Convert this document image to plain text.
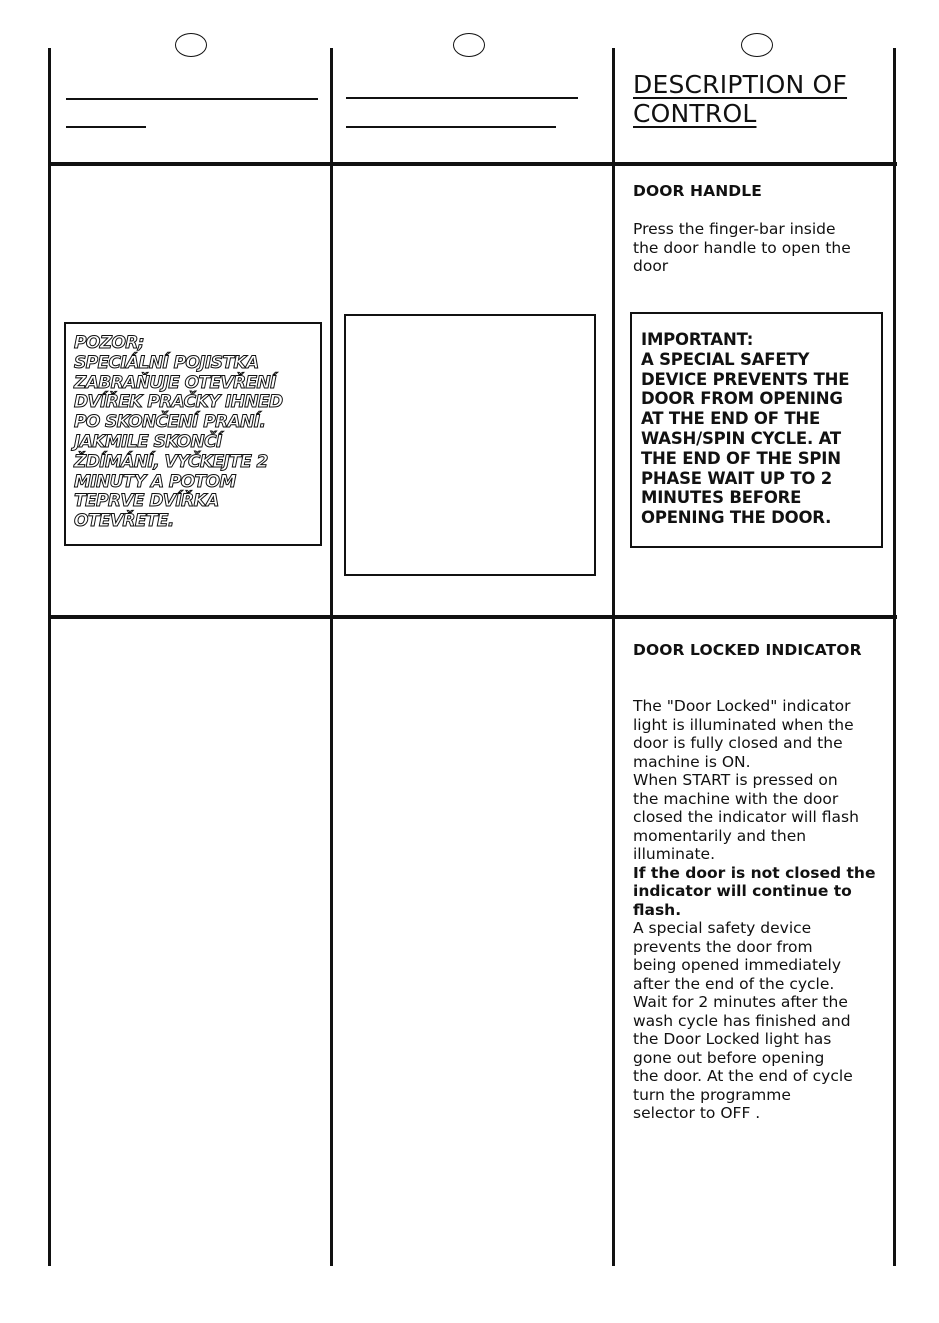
DESCRIPTION OF
CONTROL
DOOR HANDLE
Press the finger-bar inside
the door handle to open the
door
POZOR;
SPECIÁLNÍ POJISTKA
ZABRAŇUJE OTEVŘENÍ
DVÍŘEK PRAČKY IHNED
PO SKONČENÍ PRANÍ.
JAKMILE SKONČÍ
ŽDÍMÁNÍ, VYČKEJTE 2
MINUTY A POTOM
TEPRVE DVÍŘKA
OTEVŘETE.
IMPORTANT:
A SPECIAL SAFETY
DEVICE PREVENTS THE
DOOR FROM OPENING
AT THE END OF THE
WASH/SPIN CYCLE. AT
THE END OF THE SPIN
PHASE WAIT UP TO 2
MINUTES BEFORE
OPENING THE DOOR.
DOOR LOCKED INDICATOR
The "Door Locked" indicator
light is illuminated when the
door is fully closed and the
machine is ON.
When START is pressed on
the machine with the door
closed the indicator will flash
momentarily and then
illuminate.
If the door is not closed the
indicator will continue to
flash.
A special safety device
prevents the door from
being opened immediately
after the end of the cycle.
Wait for 2 minutes after the
wash cycle has finished and
the Door Locked light has
gone out before opening
the door. At the end of cycle
turn the programme
selector to OFF .
